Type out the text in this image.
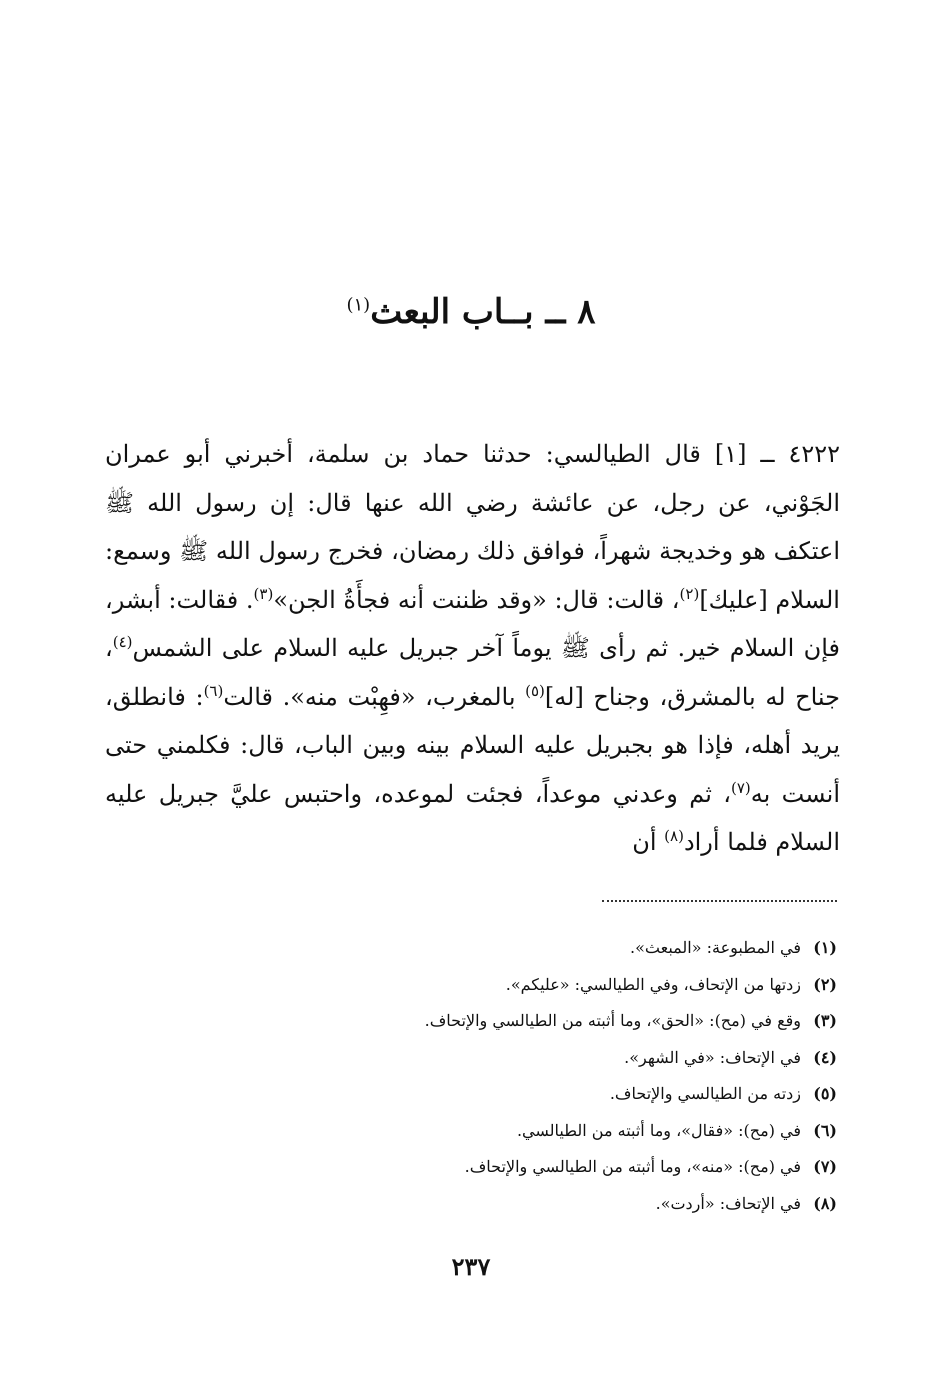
٨ ــ بــاب البعث$^{(١)}$

٤٢٢٢ ــ [١] قال الطيالسي: حدثنا حماد بن سلمة، أخبرني أبو عمران الجَوْني، عن رجل، عن عائشة رضي الله عنها قال: إن رسول الله ﷺ اعتكف هو وخديجة شهراً، فوافق ذلك رمضان، فخرج رسول الله ﷺ وسمع: السلام [عليك]$^{(٢)}$، قالت: قال: «وقد ظننت أنه فجأَةُ الجن»$^{(٣)}$. فقالت: أبشر، فإن السلام خير. ثم رأى ﷺ يوماً آخر جبريل عليه السلام على الشمس$^{(٤)}$، جناح له بالمشرق، وجناح [له]$^{(٥)}$ بالمغرب، «فهِبْت منه». قالت$^{(٦)}$: فانطلق، يريد أهله، فإذا هو بجبريل عليه السلام بينه وبين الباب، قال: فكلمني حتى أنست به$^{(٧)}$، ثم وعدني موعداً، فجئت لموعده، واحتبس عليَّ جبريل عليه السلام فلما أراد$^{(٨)}$ أن

(١)في المطبوعة: «المبعث».
(٢)زدتها من الإتحاف، وفي الطيالسي: «عليكم».
(٣)وقع في (مح): «الحق»، وما أثبته من الطيالسي والإتحاف.
(٤)في الإتحاف: «في الشهر».
(٥)زدته من الطيالسي والإتحاف.
(٦)في (مح): «فقال»، وما أثبته من الطيالسي.
(٧)في (مح): «منه»، وما أثبته من الطيالسي والإتحاف.
(٨)في الإتحاف: «أردت».
٢٣٧
